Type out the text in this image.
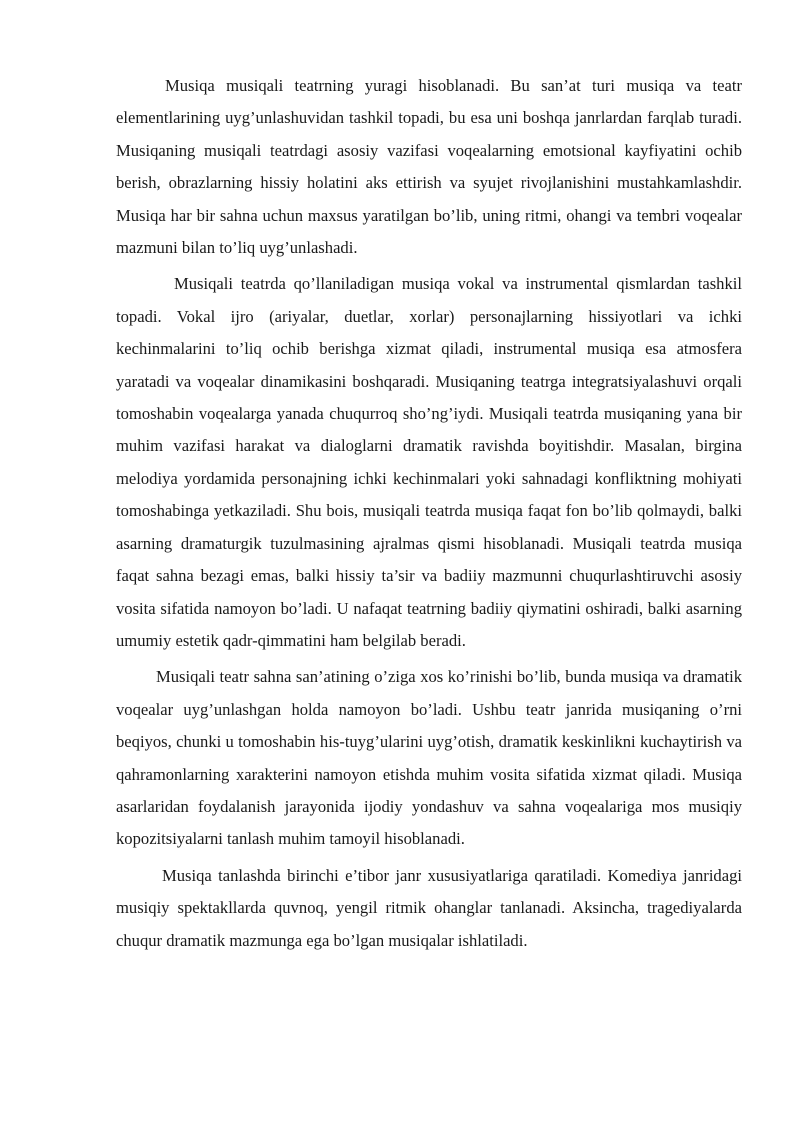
Musiqa musiqali teatrning yuragi hisoblanadi. Bu san’at turi musiqa va teatr elementlarining uyg’unlashuvidan tashkil topadi, bu esa uni boshqa janrlardan farqlab turadi. Musiqaning musiqali teatrdagi asosiy vazifasi voqealarning emotsional kayfiyatini ochib berish, obrazlarning hissiy holatini aks ettirish va syujet rivojlanishini mustahkamlashdir. Musiqa har bir sahna uchun maxsus yaratilgan bo’lib, uning ritmi, ohangi va tembri voqealar mazmuni bilan to’liq uyg’unlashadi.

Musiqali teatrda qo’llaniladigan musiqa vokal va instrumental qismlardan tashkil topadi. Vokal ijro (ariyalar, duetlar, xorlar) personajlarning hissiyotlari va ichki kechinmalarini to’liq ochib berishga xizmat qiladi, instrumental musiqa esa atmosfera yaratadi va voqealar dinamikasini boshqaradi. Musiqaning teatrga integratsiyalashuvi orqali tomoshabin voqealarga yanada chuqurroq sho’ng’iydi. Musiqali teatrda musiqaning yana bir muhim vazifasi harakat va dialoglarni dramatik ravishda boyitishdir. Masalan, birgina melodiya yordamida personajning ichki kechinmalari yoki sahnadagi konfliktning mohiyati tomoshabinga yetkaziladi. Shu bois, musiqali teatrda musiqa faqat fon bo’lib qolmaydi, balki asarning dramaturgik tuzulmasining ajralmas qismi hisoblanadi. Musiqali teatrda musiqa faqat sahna bezagi emas, balki hissiy ta’sir va badiiy mazmunni chuqurlashtiruvchi asosiy vosita sifatida namoyon bo’ladi. U nafaqat teatrning badiiy qiymatini oshiradi, balki asarning umumiy estetik qadr-qimmatini ham belgilab beradi.

Musiqali teatr sahna san’atining o’ziga xos ko’rinishi bo’lib, bunda musiqa va dramatik voqealar uyg’unlashgan holda namoyon bo’ladi. Ushbu teatr janrida musiqaning o’rni beqiyos, chunki u tomoshabin his-tuyg’ularini uyg’otish, dramatik keskinlikni kuchaytirish va qahramonlarning xarakterini namoyon etishda muhim vosita sifatida xizmat qiladi. Musiqa asarlaridan foydalanish jarayonida ijodiy yondashuv va sahna voqealariga mos musiqiy kopozitsiyalarni tanlash muhim tamoyil hisoblanadi.

Musiqa tanlashda birinchi e’tibor janr xususiyatlariga qaratiladi. Komediya janridagi musiqiy spektakllarda quvnoq, yengil ritmik ohanglar tanlanadi. Aksincha, tragediyalarda chuqur dramatik mazmunga ega bo’lgan musiqalar ishlatiladi.
